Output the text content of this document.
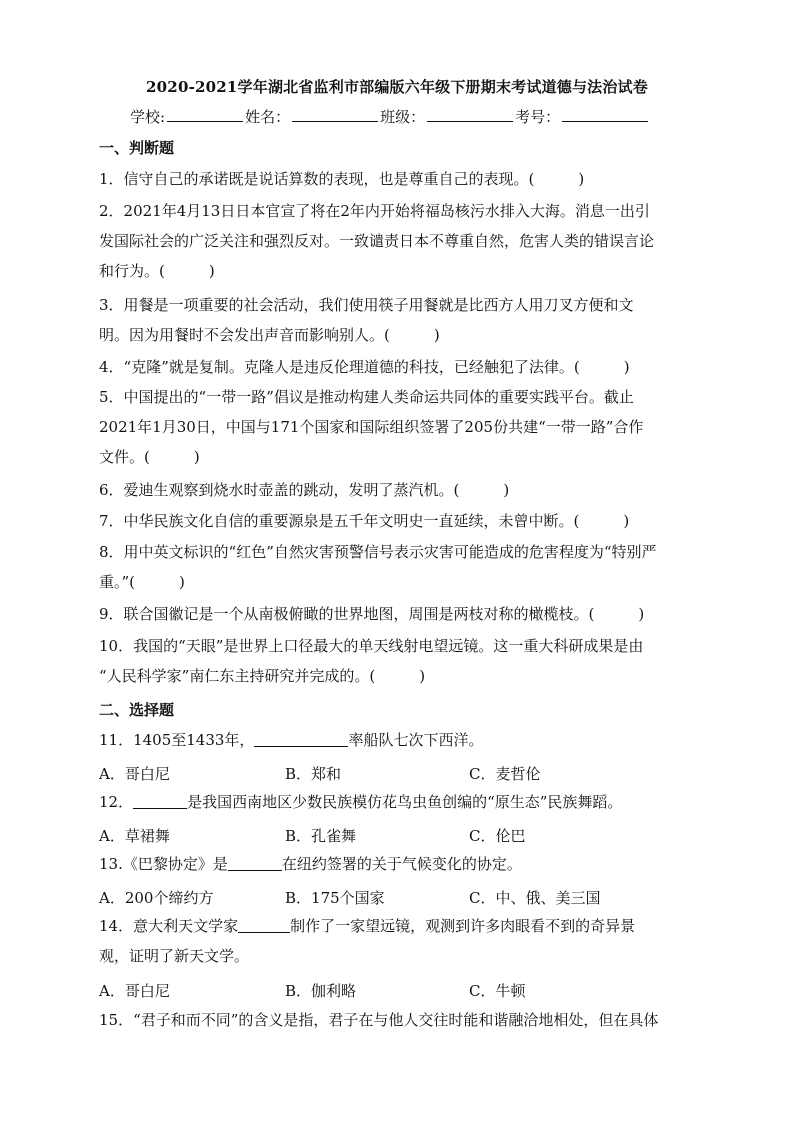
2020-2021学年湖北省监利市部编版六年级下册期末考试道德与法治试卷
学校:	姓名：	班级：	考号：
一、判断题
1．信守自己的承诺既是说话算数的表现，也是尊重自己的表现。(	)
2．2021年4月13日日本官宣了将在2年内开始将福岛核污水排入大海。消息一出引
发国际社会的广泛关注和强烈反对。一致谴责日本不尊重自然，危害人类的错误言论
和行为。(	)
3．用餐是一项重要的社会活动，我们使用筷子用餐就是比西方人用刀叉方便和文
明。因为用餐时不会发出声音而影响别人。(	)
4．“克隆”就是复制。克隆人是违反伦理道德的科技，已经触犯了法律。(	)
5．中国提出的“一带一路”倡议是推动构建人类命运共同体的重要实践平台。截止
2021年1月30日，中国与171个国家和国际组织签署了205份共建“一带一路”合作
文件。(	)
6．爱迪生观察到烧水时壶盖的跳动，发明了蒸汽机。(	)
7．中华民族文化自信的重要源泉是五千年文明史一直延续，未曾中断。(	)
8．用中英文标识的“红色”自然灾害预警信号表示灾害可能造成的危害程度为“特别严
重。”(	)
9．联合国徽记是一个从南极俯瞰的世界地图，周围是两枝对称的橄榄枝。(	)
10．我国的“天眼”是世界上口径最大的单天线射电望远镜。这一重大科研成果是由
“人民科学家”南仁东主持研究并完成的。(	)
二、选择题
11．1405至1433年，	率船队七次下西洋。
A．哥白尼	B．郑和	C．麦哲伦
12．	是我国西南地区少数民族模仿花鸟虫鱼创编的“原生态”民族舞蹈。
A．草裙舞	B．孔雀舞	C．伦巴
13.《巴黎协定》是	在纽约签署的关于气候变化的协定。
A．200个缔约方	B．175个国家	C．中、俄、美三国
14．意大利天文学家	制作了一家望远镜，观测到许多肉眼看不到的奇异景
观，证明了新天文学。
A．哥白尼	B．伽利略	C．牛顿
15．“君子和而不同”的含义是指，君子在与他人交往时能和谐融洽地相处，但在具体
